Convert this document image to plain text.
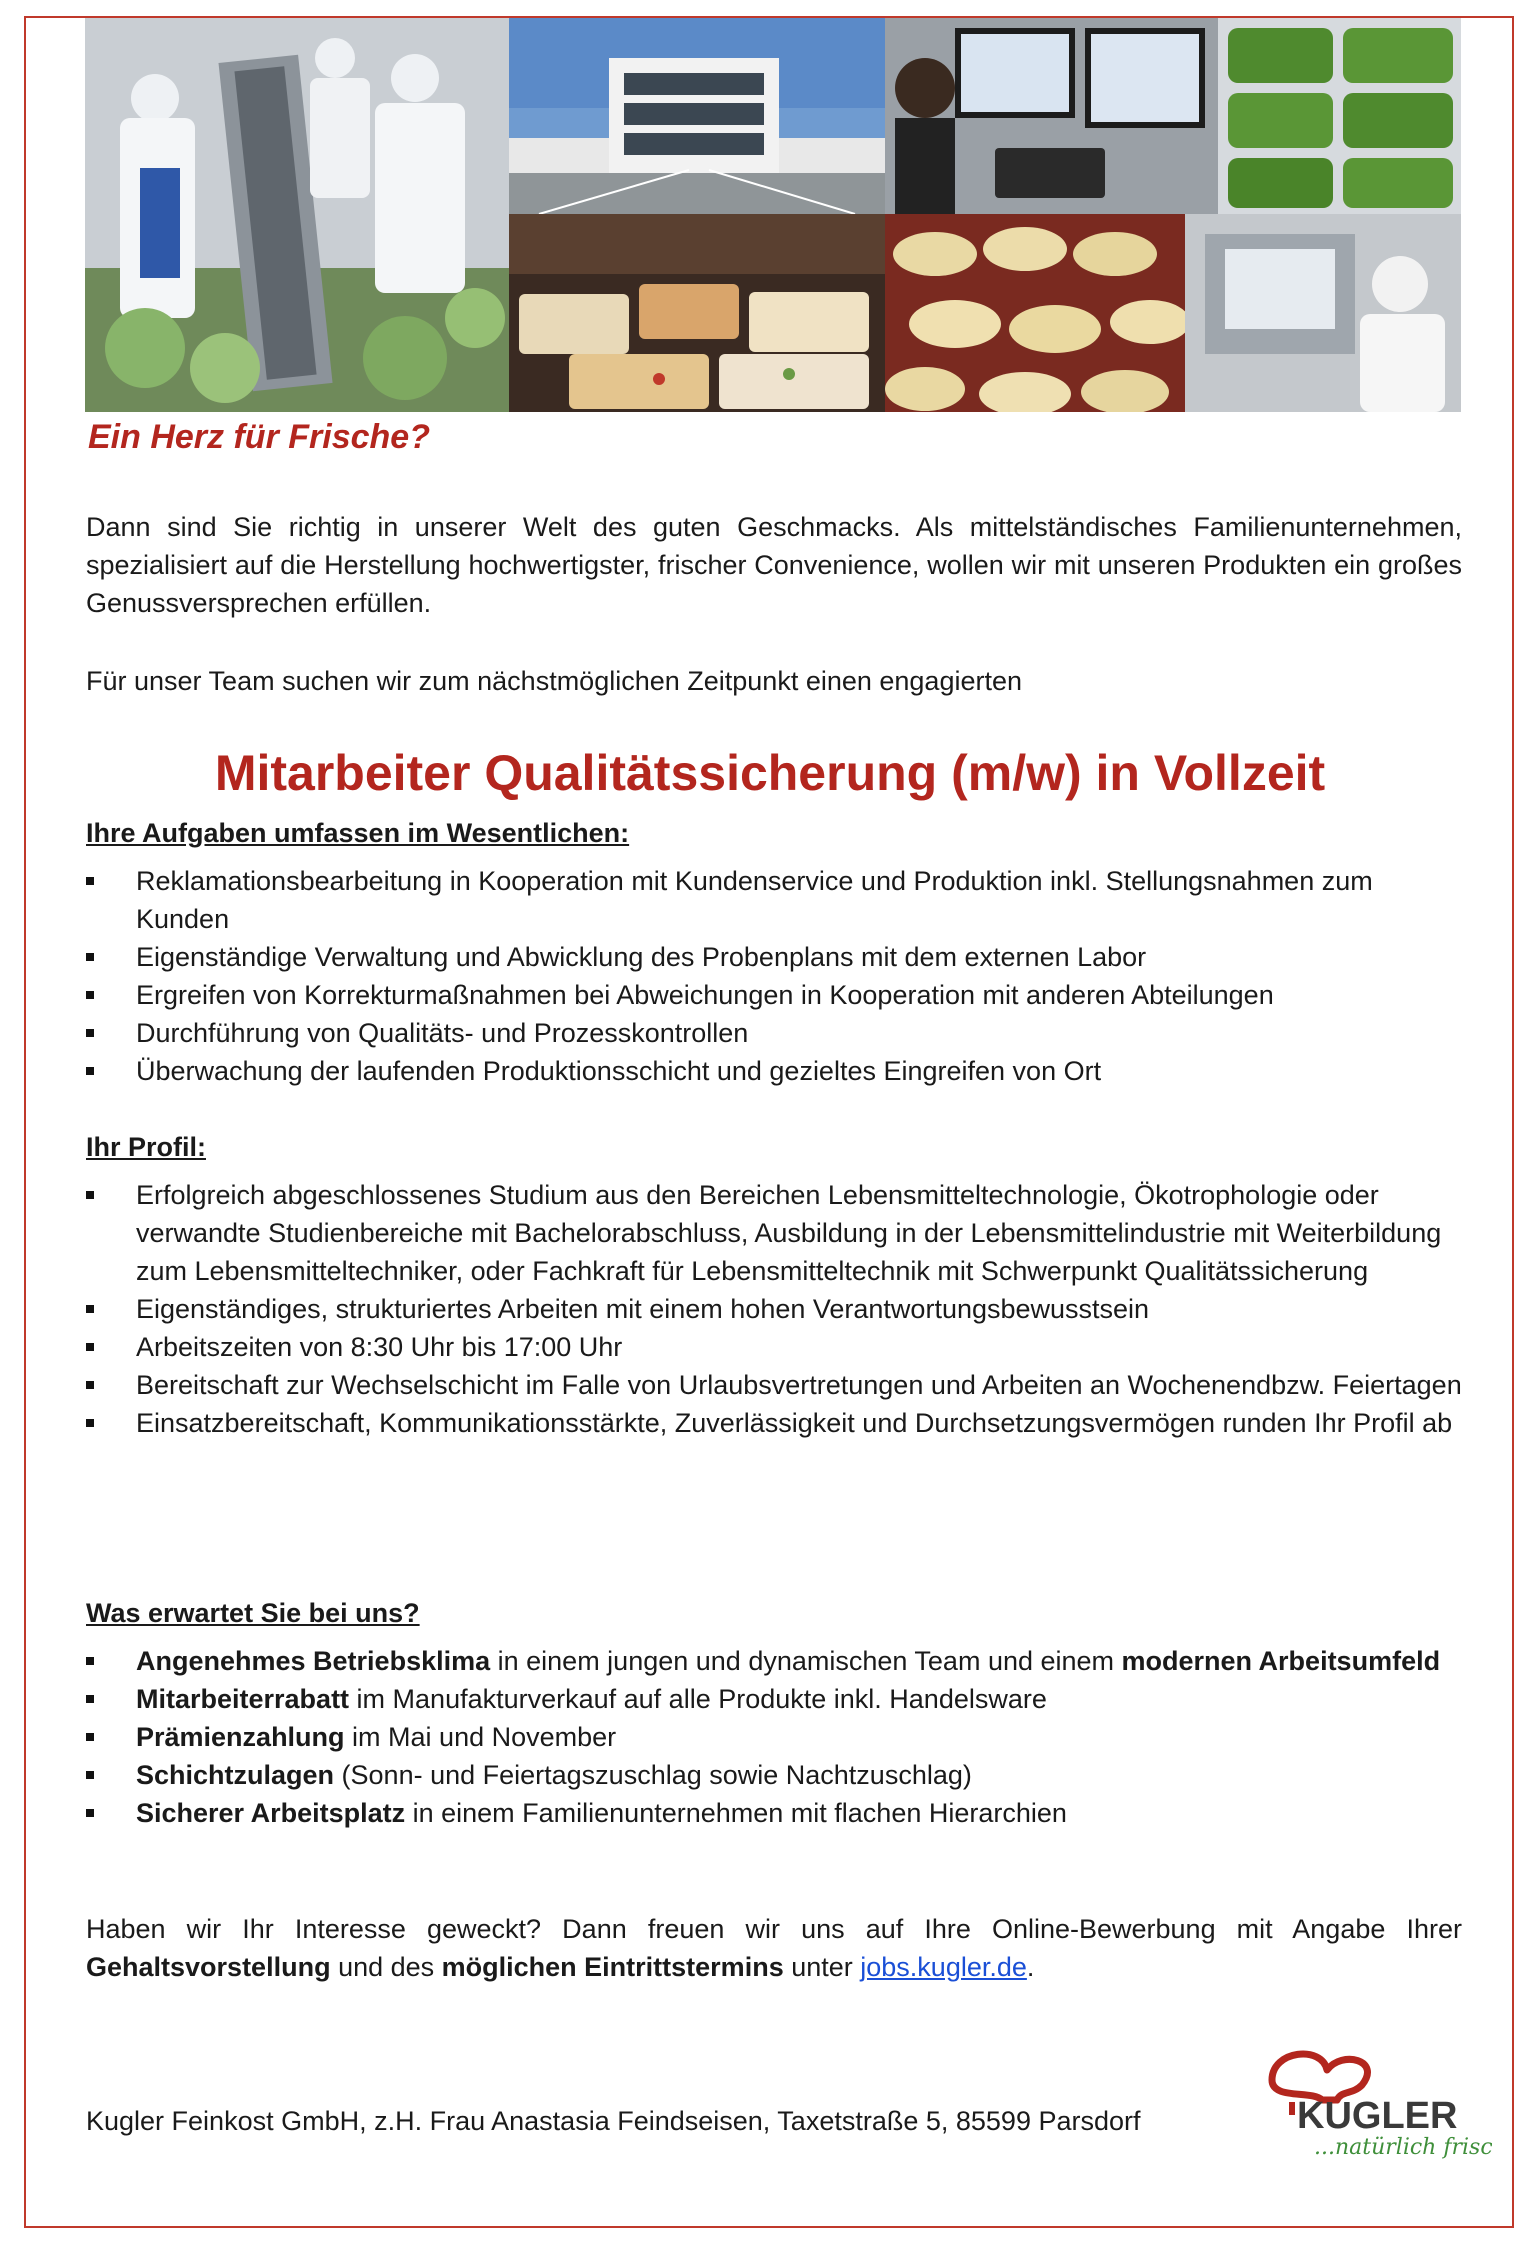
Ein Herz für Frische?

Dann sind Sie richtig in unserer Welt des guten Geschmacks. Als mittelständisches Familienunternehmen, spezialisiert auf die Herstellung hochwertigster, frischer Convenience, wollen wir mit unseren Produkten ein großes Genussversprechen erfüllen.

Für unser Team suchen wir zum nächstmöglichen Zeitpunkt einen engagierten

Mitarbeiter Qualitätssicherung (m/w) in Vollzeit
Ihre Aufgaben umfassen im Wesentlichen:
Reklamationsbearbeitung in Kooperation mit Kundenservice und Produktion inkl. Stellungsnahmen zum Kunden
Eigenständige Verwaltung und Abwicklung des Probenplans mit dem externen Labor
Ergreifen von Korrekturmaßnahmen bei Abweichungen in Kooperation mit anderen Abteilungen
Durchführung von Qualitäts- und Prozesskontrollen
Überwachung der laufenden Produktionsschicht und gezieltes Eingreifen von Ort
Ihr Profil:
Erfolgreich abgeschlossenes Studium aus den Bereichen Lebensmitteltechnologie, Ökotrophologie oder verwandte Studienbereiche mit Bachelorabschluss, Ausbildung in der Lebensmittelindustrie mit Weiterbildung zum Lebensmitteltechniker, oder Fachkraft für Lebensmitteltechnik mit Schwerpunkt Qualitätssicherung
Eigenständiges, strukturiertes Arbeiten mit einem hohen Verantwortungsbewusstsein
Arbeitszeiten von 8:30 Uhr bis 17:00 Uhr
Bereitschaft zur Wechselschicht im Falle von Urlaubsvertretungen und Arbeiten an Wochenendbzw. Feiertagen
Einsatzbereitschaft, Kommunikationsstärkte, Zuverlässigkeit und Durchsetzungsvermögen runden Ihr Profil ab
Was erwartet Sie bei uns?
Angenehmes Betriebsklima in einem jungen und dynamischen Team und einem modernen Arbeitsumfeld
Mitarbeiterrabatt im Manufakturverkauf auf alle Produkte inkl. Handelsware
Prämienzahlung im Mai und November
Schichtzulagen (Sonn- und Feiertagszuschlag sowie Nachtzuschlag)
Sicherer Arbeitsplatz in einem Familienunternehmen mit flachen Hierarchien

Haben wir Ihr Interesse geweckt? Dann freuen wir uns auf Ihre Online-Bewerbung mit Angabe Ihrer Gehaltsvorstellung und des möglichen Eintrittstermins unter jobs.kugler.de.

Kugler Feinkost GmbH, z.H. Frau Anastasia Feindseisen, Taxetstraße 5, 85599 Parsdorf	KUGLER
...natürlich frisch
